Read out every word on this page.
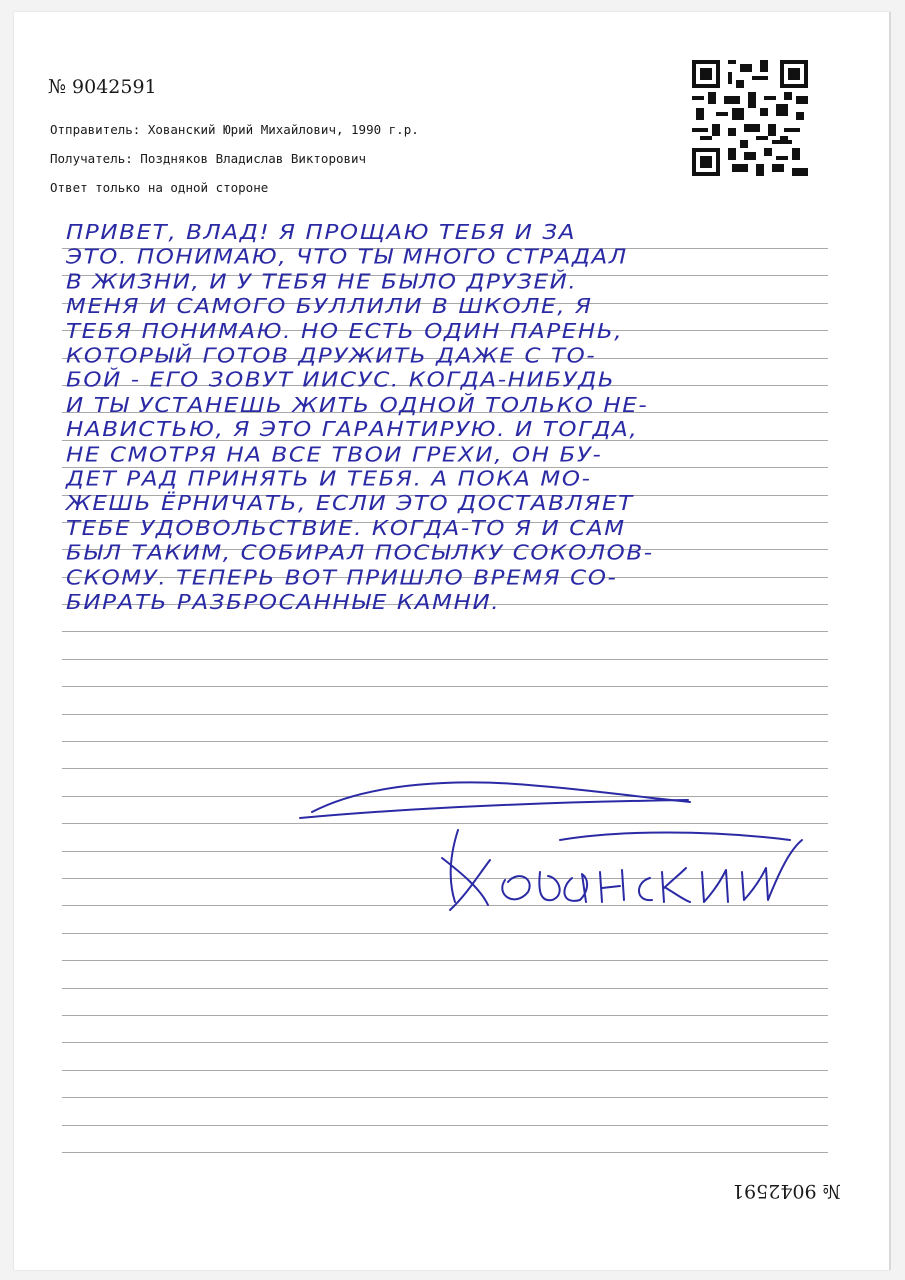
№ 9042591

Отправитель: Хованский Юрий Михайлович, 1990 г.р.

Получатель: Поздняков Владислав Викторович

Ответ только на одной стороне

ПРИВЕТ, ВЛАД! Я ПРОЩАЮ ТЕБЯ И ЗА
ЭТО. ПОНИМАЮ, ЧТО ТЫ МНОГО СТРАДАЛ
В ЖИЗНИ, И У ТЕБЯ НЕ БЫЛО ДРУЗЕЙ.
МЕНЯ И САМОГО БУЛЛИЛИ В ШКОЛЕ, Я
ТЕБЯ ПОНИМАЮ. НО ЕСТЬ ОДИН ПАРЕНЬ,
КОТОРЫЙ ГОТОВ ДРУЖИТЬ ДАЖЕ С ТО-
БОЙ - ЕГО ЗОВУТ ИИСУС. КОГДА-НИБУДЬ
И ТЫ УСТАНЕШЬ ЖИТЬ ОДНОЙ ТОЛЬКО НЕ-
НАВИСТЬЮ, Я ЭТО ГАРАНТИРУЮ. И ТОГДА,
НЕ СМОТРЯ НА ВСЕ ТВОИ ГРЕХИ, ОН БУ-
ДЕТ РАД ПРИНЯТЬ И ТЕБЯ. А ПОКА МО-
ЖЕШЬ ЁРНИЧАТЬ, ЕСЛИ ЭТО ДОСТАВЛЯЕТ
ТЕБЕ УДОВОЛЬСТВИЕ. КОГДА-ТО Я И САМ
БЫЛ ТАКИМ, СОБИРАЛ ПОСЫЛКУ СОКОЛОВ-
СКОМУ. ТЕПЕРЬ ВОТ ПРИШЛО ВРЕМЯ СО-
БИРАТЬ РАЗБРОСАННЫЕ КАМНИ.

№ 9042591
